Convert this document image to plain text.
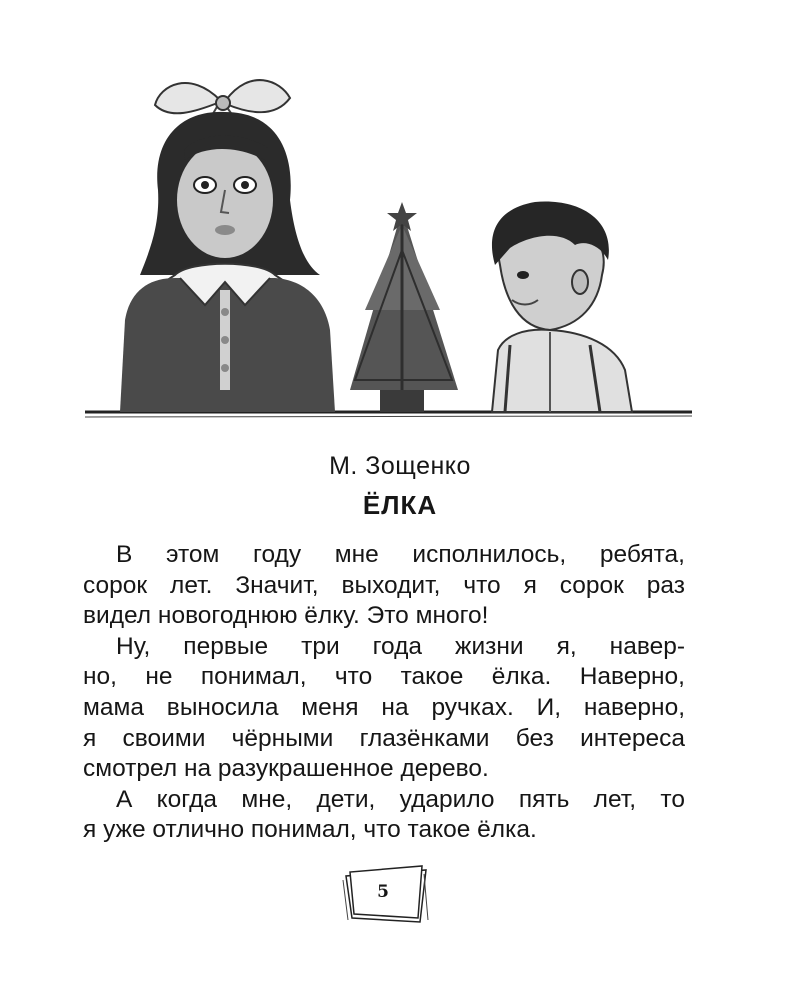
М. Зощенко
ЁЛКА
В этом году мне исполнилось, ребята,
сорок лет. Значит, выходит, что я сорок раз
видел новогоднюю ёлку. Это много!
Ну, первые три года жизни я, навер-
но, не понимал, что такое ёлка. Наверно,
мама выносила меня на ручках. И, наверно,
я своими чёрными глазёнками без интереса
смотрел на разукрашенное дерево.
А когда мне, дети, ударило пять лет, то
я уже отлично понимал, что такое ёлка.
5
